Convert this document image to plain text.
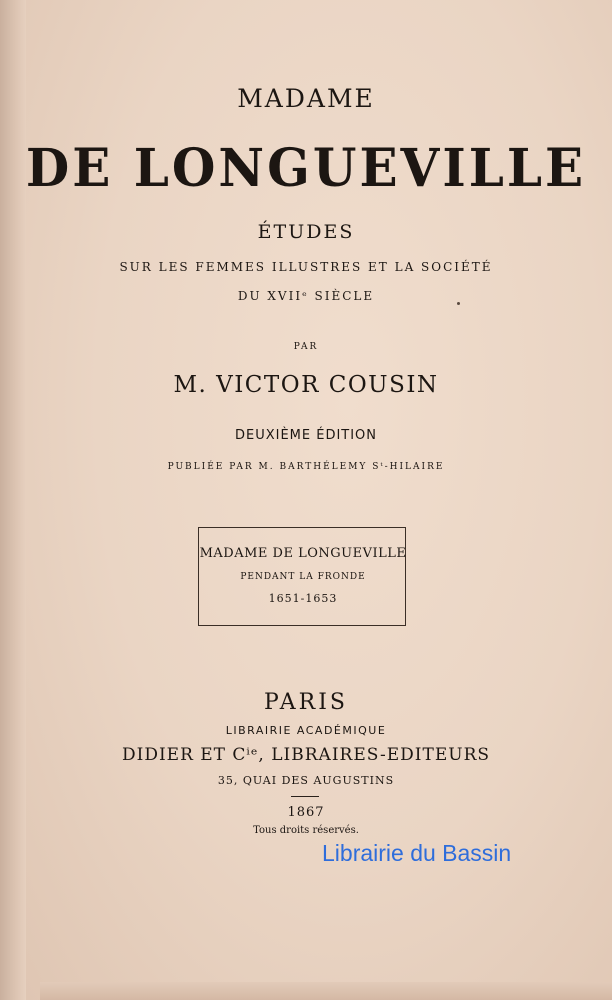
MADAME
DE LONGUEVILLE
ÉTUDES
SUR LES FEMMES ILLUSTRES ET LA SOCIÉTÉ
DU XVIIᵉ SIÈCLE
PAR
M. VICTOR COUSIN
DEUXIÈME ÉDITION
PUBLIÉE PAR M. BARTHÉLEMY Sᵗ-HILAIRE
MADAME DE LONGUEVILLE
PENDANT LA FRONDE
1651-1653
PARIS
LIBRAIRIE ACADÉMIQUE
DIDIER ET Cⁱᵉ, LIBRAIRES-EDITEURS
35, QUAI DES AUGUSTINS
1867
Tous droits réservés.
Librairie du Bassin
